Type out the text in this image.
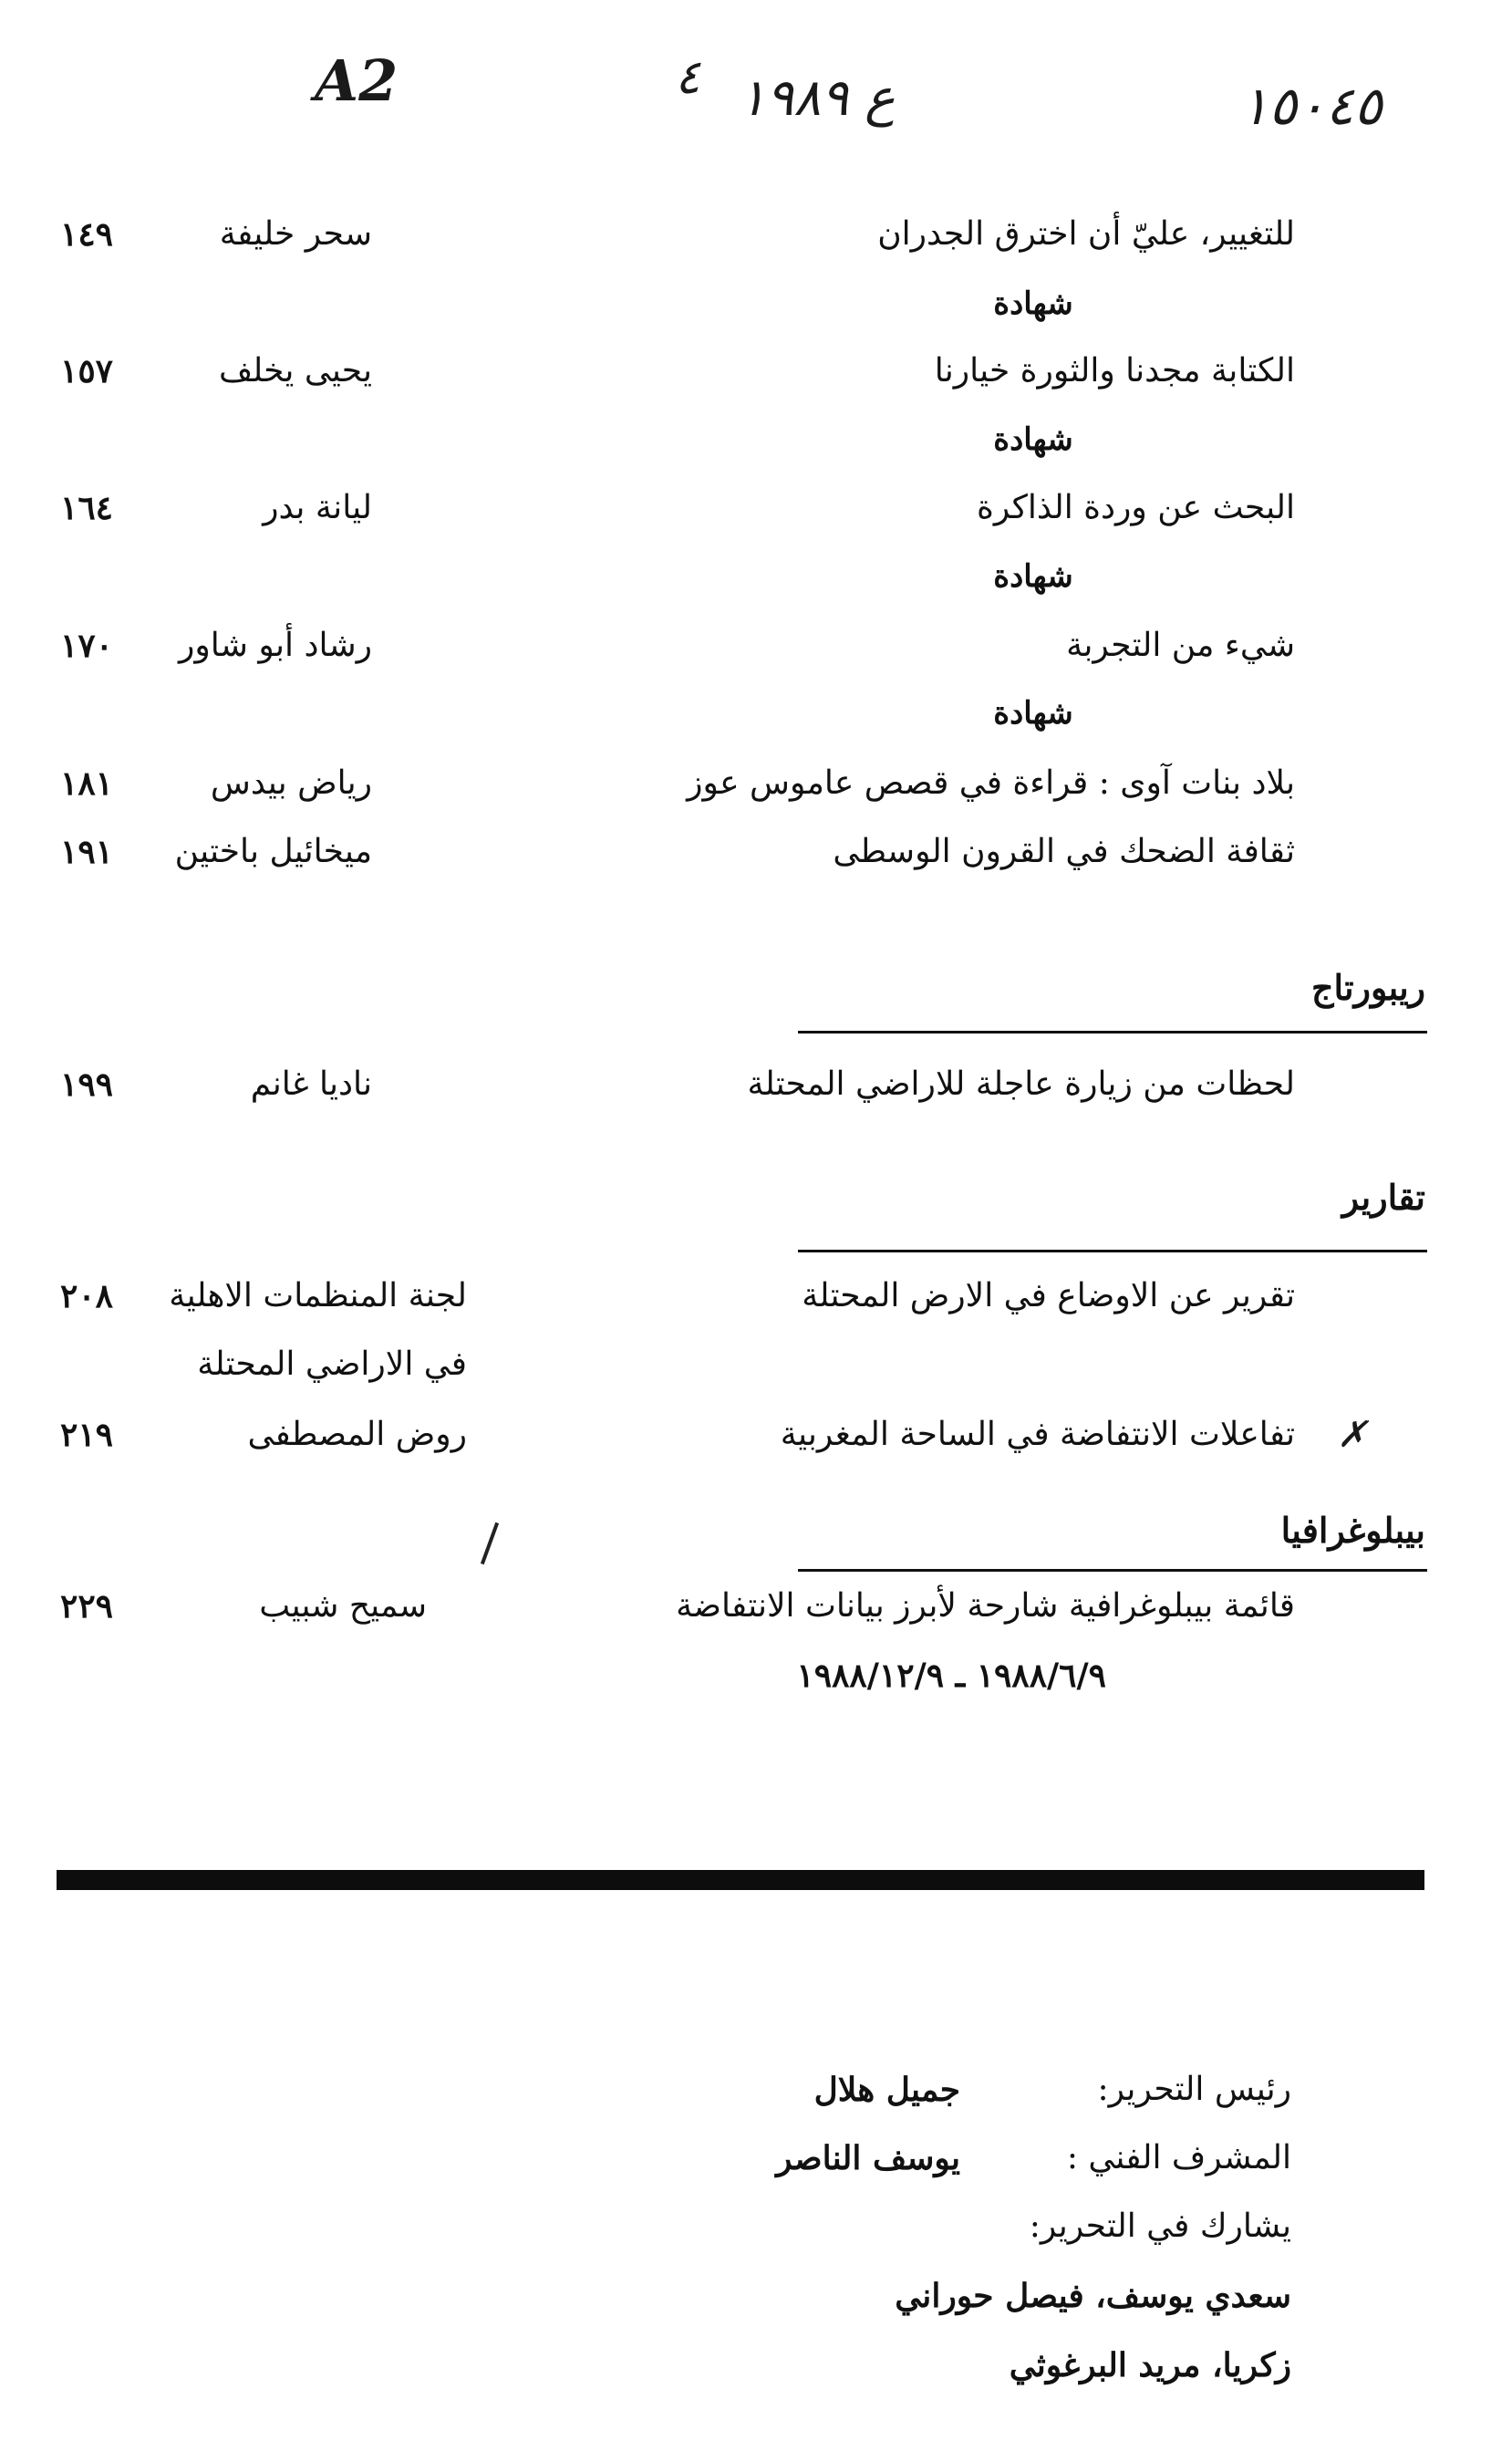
A2	٤ ع ١٩٨٩	١٥٠٤٥
للتغيير، عليّ أن اخترق الجدران
شهادة
سحر خليفة
١٤٩
الكتابة مجدنا والثورة خيارنا
شهادة
يحيى يخلف
١٥٧
البحث عن وردة الذاكرة
شهادة
ليانة بدر
١٦٤
شيء من التجربة
شهادة
رشاد أبو شاور
١٧٠
بلاد بنات آوى : قراءة في قصص عاموس عوز
رياض بيدس
١٨١
ثقافة الضحك في القرون الوسطى
ميخائيل باختين
١٩١
ريبورتاج
لحظات من زيارة عاجلة للاراضي المحتلة
ناديا غانم
١٩٩
تقارير
تقرير عن الاوضاع في الارض المحتلة
لجنة المنظمات الاهلية
في الاراضي المحتلة
٢٠٨
✗
تفاعلات الانتفاضة في الساحة المغربية
روض المصطفى
٢١٩
بيبلوغرافيا
قائمة بيبلوغرافية شارحة لأبرز بيانات الانتفاضة
١٩٨٨/٦/٩ ـ ١٩٨٨/١٢/٩
سميح شبيب
٢٢٩
رئيس التحرير:
جميل هلال
المشرف الفني :
يوسف الناصر
يشارك في التحرير:
سعدي يوسف، فيصل حوراني
زكريا، مريد البرغوثي
